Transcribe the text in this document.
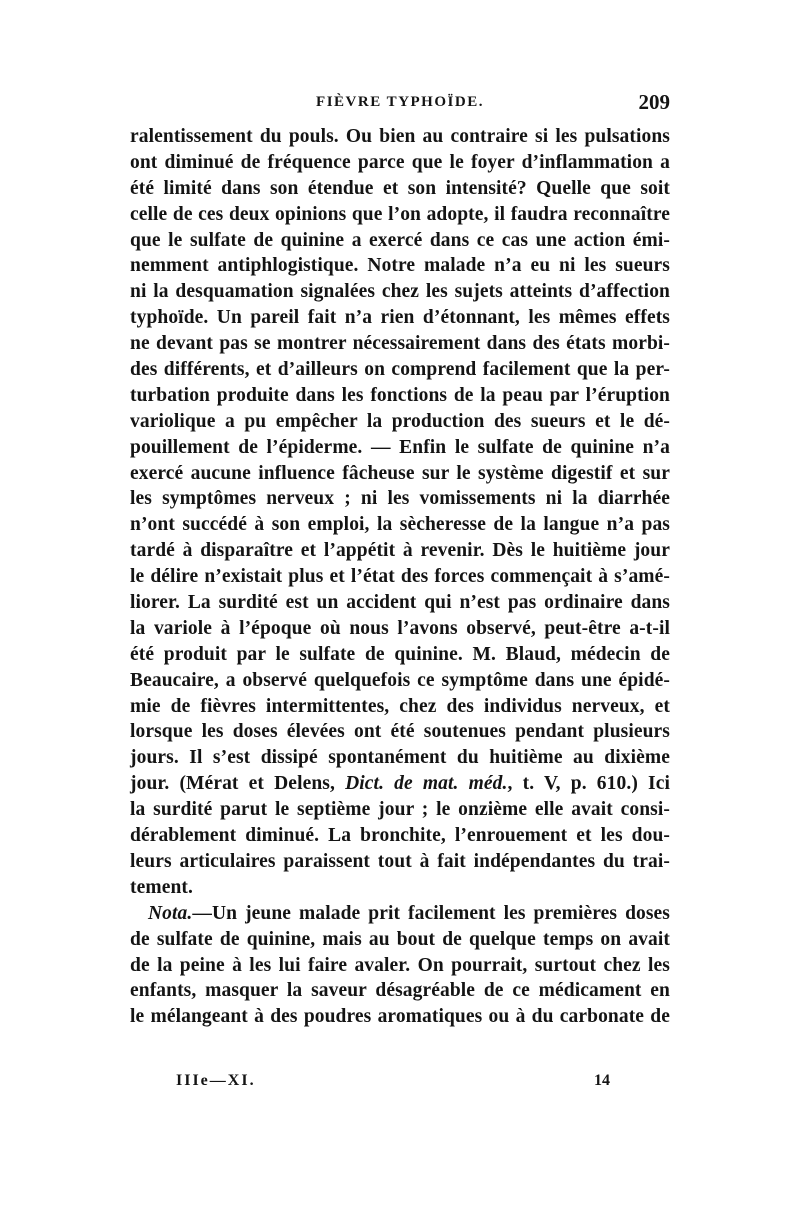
FIÈVRE TYPHOÏDE.	209
ralentissement du pouls. Ou bien au contraire si les pulsations
ont diminué de fréquence parce que le foyer d’inflammation a
été limité dans son étendue et son intensité? Quelle que soit
celle de ces deux opinions que l’on adopte, il faudra reconnaître
que le sulfate de quinine a exercé dans ce cas une action émi-
nemment antiphlogistique. Notre malade n’a eu ni les sueurs
ni la desquamation signalées chez les sujets atteints d’affection
typhoïde. Un pareil fait n’a rien d’étonnant, les mêmes effets
ne devant pas se montrer nécessairement dans des états morbi-
des différents, et d’ailleurs on comprend facilement que la per-
turbation produite dans les fonctions de la peau par l’éruption
variolique a pu empêcher la production des sueurs et le dé-
pouillement de l’épiderme. — Enfin le sulfate de quinine n’a
exercé aucune influence fâcheuse sur le système digestif et sur
les symptômes nerveux ; ni les vomissements ni la diarrhée
n’ont succédé à son emploi, la sècheresse de la langue n’a pas
tardé à disparaître et l’appétit à revenir. Dès le huitième jour
le délire n’existait plus et l’état des forces commençait à s’amé-
liorer. La surdité est un accident qui n’est pas ordinaire dans
la variole à l’époque où nous l’avons observé, peut-être a-t-il
été produit par le sulfate de quinine. M. Blaud, médecin de
Beaucaire, a observé quelquefois ce symptôme dans une épidé-
mie de fièvres intermittentes, chez des individus nerveux, et
lorsque les doses élevées ont été soutenues pendant plusieurs
jours. Il s’est dissipé spontanément du huitième au dixième
jour. (Mérat et Delens, Dict. de mat. méd., t. V, p. 610.) Ici
la surdité parut le septième jour ; le onzième elle avait consi-
dérablement diminué. La bronchite, l’enrouement et les dou-
leurs articulaires paraissent tout à fait indépendantes du trai-
tement.
Nota.—Un jeune malade prit facilement les premières doses
de sulfate de quinine, mais au bout de quelque temps on avait
de la peine à les lui faire avaler. On pourrait, surtout chez les
enfants, masquer la saveur désagréable de ce médicament en
le mélangeant à des poudres aromatiques ou à du carbonate de
IIIe—XI.	14
